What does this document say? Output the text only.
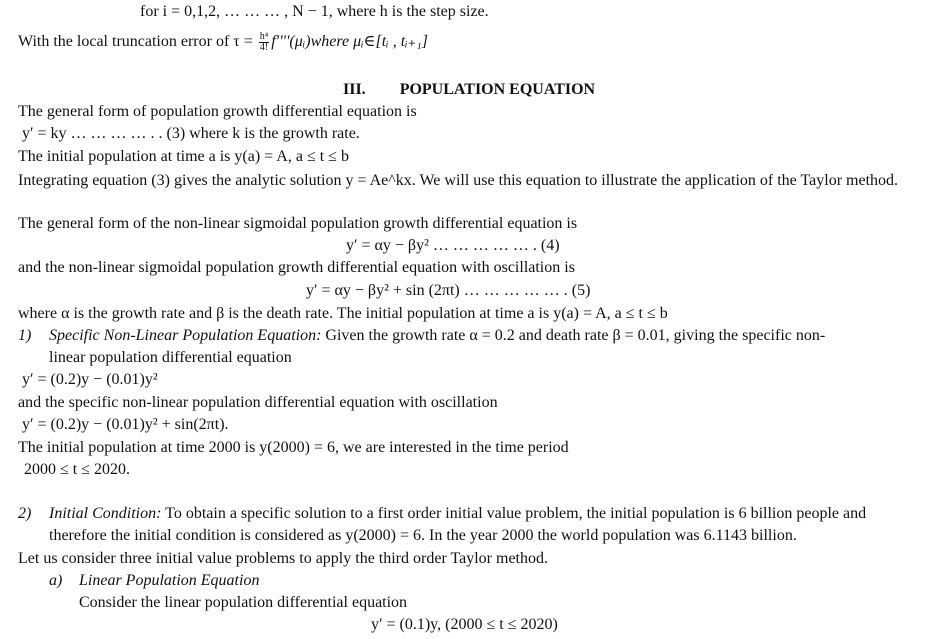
for i = 0,1,2, … … … , N − 1, where h is the step size.
With the local truncation error of $\tau = \frac{\text{h⁴}}{4!}$ f''''(μᵢ)where μᵢ∈[tᵢ , tᵢ₊₁]
III. POPULATION EQUATION
The general form of population growth differential equation is
y′ = ky … … … … . . (3) where k is the growth rate.
The initial population at time a is y(a) = A, a ≤ t ≤ b
Integrating equation (3) gives the analytic solution y = Ae^kx. We will use this equation to illustrate the application of the Taylor method.
The general form of the non-linear sigmoidal population growth differential equation is
y′ = αy − βy² … … … … … . (4)
and the non-linear sigmoidal population growth differential equation with oscillation is
y′ = αy − βy² + sin (2πt) … … … … … . (5)
where α is the growth rate and β is the death rate. The initial population at time a is y(a) = A, a ≤ t ≤ b
1) Specific Non-Linear Population Equation: Given the growth rate α = 0.2 and death rate β = 0.01, giving the specific non-
linear population differential equation
y′ = (0.2)y − (0.01)y²
and the specific non-linear population differential equation with oscillation
y′ = (0.2)y − (0.01)y² + sin(2πt).
The initial population at time 2000 is y(2000) = 6, we are interested in the time period
2000 ≤ t ≤ 2020.
2) Initial Condition: To obtain a specific solution to a first order initial value problem, the initial population is 6 billion people and
therefore the initial condition is considered as y(2000) = 6. In the year 2000 the world population was 6.1143 billion.
Let us consider three initial value problems to apply the third order Taylor method.
a) Linear Population Equation
Consider the linear population differential equation
y′ = (0.1)y, (2000 ≤ t ≤ 2020)
